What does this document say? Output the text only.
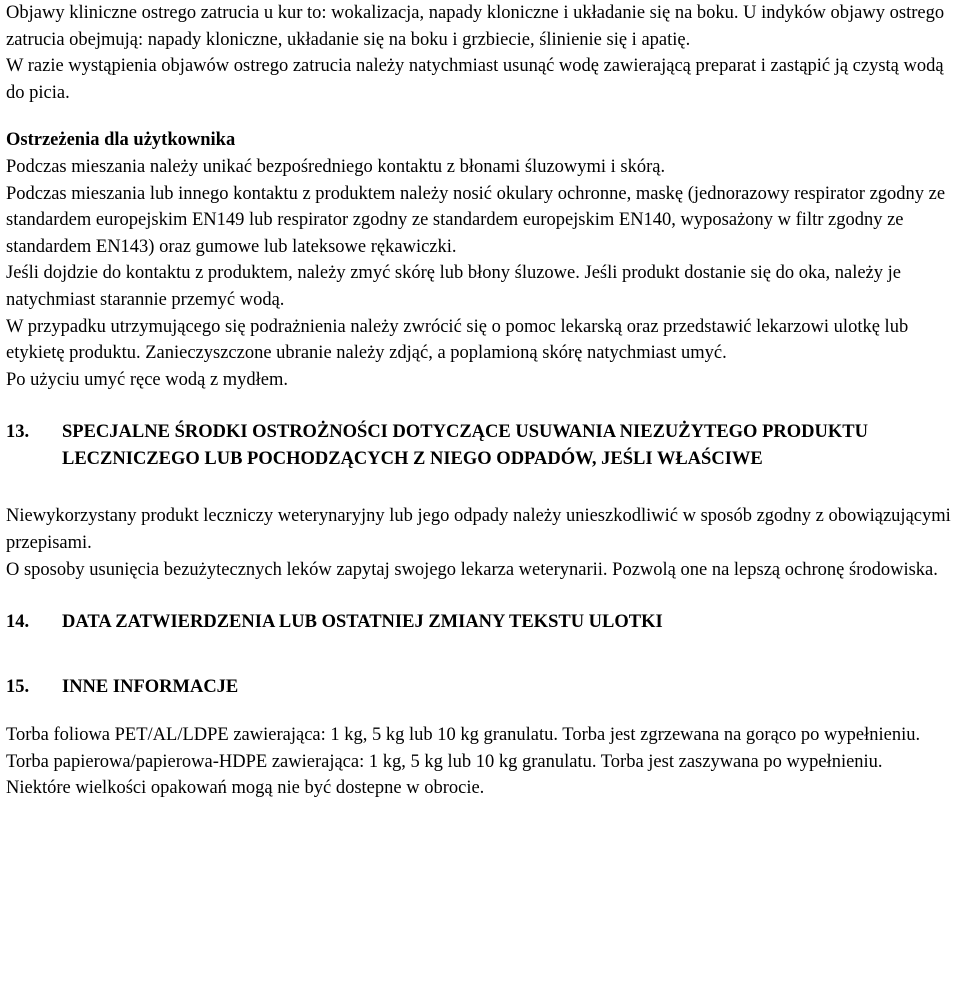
Objawy kliniczne ostrego zatrucia u kur to: wokalizacja, napady kloniczne i układanie się na boku. U indyków objawy ostrego zatrucia obejmują: napady kloniczne, układanie się na boku i grzbiecie, ślinienie się i apatię.

W razie wystąpienia objawów ostrego zatrucia należy natychmiast usunąć wodę zawierającą preparat i zastąpić ją czystą wodą do picia.

Ostrzeżenia dla użytkownika

Podczas mieszania należy unikać bezpośredniego kontaktu z błonami śluzowymi i skórą.

Podczas mieszania lub innego kontaktu z produktem należy nosić okulary ochronne, maskę (jednorazowy respirator zgodny ze standardem europejskim EN149 lub respirator zgodny ze standardem europejskim EN140, wyposażony w filtr zgodny ze standardem EN143) oraz gumowe lub lateksowe rękawiczki.

Jeśli dojdzie do kontaktu z produktem, należy zmyć skórę lub błony śluzowe. Jeśli produkt dostanie się do oka, należy je natychmiast starannie przemyć wodą.

W przypadku utrzymującego się podrażnienia należy zwrócić się o pomoc lekarską oraz przedstawić lekarzowi ulotkę lub etykietę produktu. Zanieczyszczone ubranie należy zdjąć, a poplamioną skórę natychmiast umyć.

Po użyciu umyć ręce wodą z mydłem.

13.	SPECJALNE ŚRODKI OSTROŻNOŚCI DOTYCZĄCE USUWANIA NIEZUŻYTEGO PRODUKTU LECZNICZEGO LUB POCHODZĄCYCH Z NIEGO ODPADÓW, JEŚLI WŁAŚCIWE

Niewykorzystany produkt leczniczy weterynaryjny lub jego odpady należy unieszkodliwić w sposób zgodny z obowiązującymi przepisami.

O sposoby usunięcia bezużytecznych leków zapytaj swojego lekarza weterynarii. Pozwolą one na lepszą ochronę środowiska.

14.	DATA ZATWIERDZENIA LUB OSTATNIEJ ZMIANY TEKSTU ULOTKI
15.	INNE INFORMACJE

Torba foliowa PET/AL/LDPE zawierająca: 1 kg, 5 kg lub 10 kg granulatu. Torba jest zgrzewana na gorąco po wypełnieniu.

Torba papierowa/papierowa-HDPE zawierająca: 1 kg, 5 kg lub 10 kg granulatu. Torba jest zaszywana po wypełnieniu.

Niektóre wielkości opakowań mogą nie być dostepne w obrocie.
